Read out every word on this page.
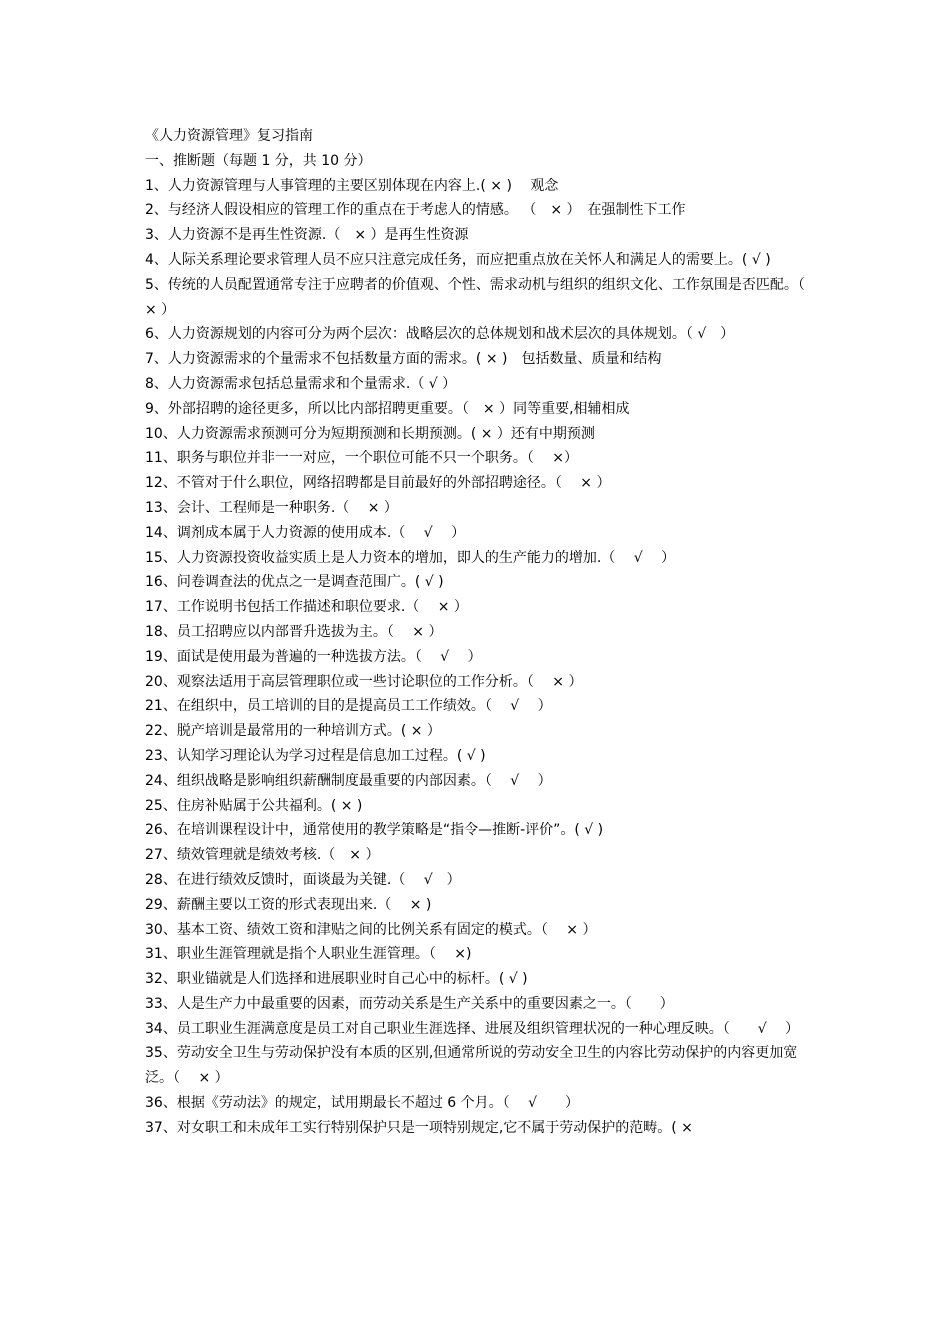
《人力资源管理》复习指南
一、推断题（每题 1 分，共 10 分）
1、人力资源管理与人事管理的主要区别体现在内容上.( × )　 观念
2、与经济人假设相应的管理工作的重点在于考虑人的情感。 （　× ）　在强制性下工作
3、人力资源不是再生性资源.（　× ）是再生性资源
4、人际关系理论要求管理人员不应只注意完成任务，而应把重点放在关怀人和满足人的需要上。( √ )
5、传统的人员配置通常专注于应聘者的价值观、个性、需求动机与组织的组织文化、工作氛围是否匹配。（　 × ）
6、人力资源规划的内容可分为两个层次：战略层次的总体规划和战术层次的具体规划。（ √　）
7、人力资源需求的个量需求不包括数量方面的需求。( × )　包括数量、质量和结构
8、人力资源需求包括总量需求和个量需求.（ √ ）
9、外部招聘的途径更多，所以比内部招聘更重要。（　× ）同等重要,相辅相成
10、人力资源需求预测可分为短期预测和长期预测。( × ）还有中期预测
11、职务与职位并非一一对应，一个职位可能不只一个职务。（　 ×）
12、不管对于什么职位，网络招聘都是目前最好的外部招聘途径。（　 × ）
13、会计、工程师是一种职务.（　 × ）
14、调剂成本属于人力资源的使用成本.（　 √　 ）
15、人力资源投资收益实质上是人力资本的增加，即人的生产能力的增加.（　 √　 ）
16、问卷调查法的优点之一是调查范围广。( √ )
17、工作说明书包括工作描述和职位要求.（　 × ）
18、员工招聘应以内部晋升选拔为主。（　 × ）
19、面试是使用最为普遍的一种选拔方法。（　 √　 ）
20、观察法适用于高层管理职位或一些讨论职位的工作分析。（　 × ）
21、在组织中，员工培训的目的是提高员工工作绩效。（　 √　 ）
22、脱产培训是最常用的一种培训方式。( × ）
23、认知学习理论认为学习过程是信息加工过程。( √ )
24、组织战略是影响组织薪酬制度最重要的内部因素。（　 √　 ）
25、住房补贴属于公共福利。( × )
26、在培训课程设计中，通常使用的教学策略是“指令—推断-评价”。( √ )
27、绩效管理就是绩效考核.（　× ）
28、在进行绩效反馈时，面谈最为关键.（　 √　）
29、薪酬主要以工资的形式表现出来.（　 × )
30、基本工资、绩效工资和津贴之间的比例关系有固定的模式。（　 × ）
31、职业生涯管理就是指个人职业生涯管理。（　 ×)
32、职业锚就是人们选择和进展职业时自己心中的标杆。( √ )
33、人是生产力中最重要的因素，而劳动关系是生产关系中的重要因素之一。（　　）
34、员工职业生涯满意度是员工对自己职业生涯选择、进展及组织管理状况的一种心理反映。（　　√　 ）
35、劳动安全卫生与劳动保护没有本质的区别,但通常所说的劳动安全卫生的内容比劳动保护的内容更加宽泛。（　 × ）
36、根据《劳动法》的规定，试用期最长不超过 6 个月。（　 √　　）
37、对女职工和未成年工实行特别保护只是一项特别规定,它不属于劳动保护的范畴。( ×
